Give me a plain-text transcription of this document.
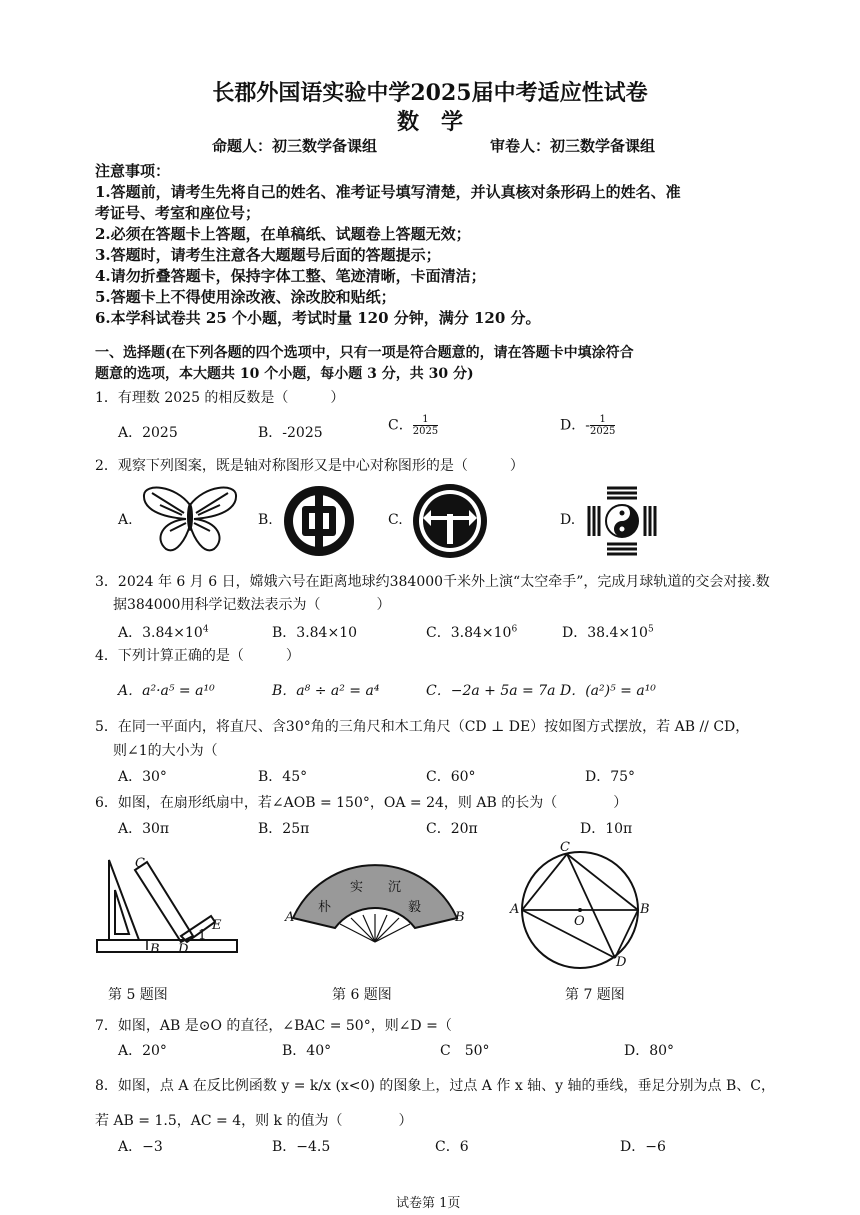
长郡外国语实验中学2025届中考适应性试卷
数　学
命题人：初三数学备课组	审卷人：初三数学备课组
注意事项：
1.答题前，请考生先将自己的姓名、准考证号填写清楚，并认真核对条形码上的姓名、准
考证号、考室和座位号；
2.必须在答题卡上答题，在单稿纸、试题卷上答题无效；
3.答题时，请考生注意各大题题号后面的答题提示；
4.请勿折叠答题卡，保持字体工整、笔迹清晰，卡面清洁；
5.答题卡上不得使用涂改液、涂改胶和贴纸；
6.本学科试卷共 25 个小题，考试时量 120 分钟，满分 120 分。
一、选择题(在下列各题的四个选项中，只有一项是符合题意的，请在答题卡中填涂符合
题意的选项，本大题共 10 个小题，每小题 3 分，共 30 分)
1．有理数 2025 的相反数是（　　　）
A．2025	B．-2025	C． $\frac{1}{2025}$	D．- $\frac{1}{2025}$
2．观察下列图案，既是轴对称图形又是中心对称图形的是（　　　）
A.	B.	C.	D.
3．2024 年 6 月 6 日，嫦娥六号在距离地球约384000千米外上演“太空牵手”，完成月球轨道的交会对接.数
据384000用科学记数法表示为（　　　　）
A．$3.84\times 10^4$	B．3.84×10	C．$3.84\times 10^6$	D．$38.4\times 10^5$
4．下列计算正确的是（　　　）
A．a²·a⁵ = a¹⁰	B．a⁸ ÷ a² = a⁴	C．−2a + 5a = 7a D．(a²)⁵ = a¹⁰
5．在同一平面内，将直尺、含30°角的三角尺和木工角尺（CD ⊥ DE）按如图方式摆放，若 AB // CD，
则∠1的大小为（
A．30°	B．45°	C．60°	D．75°
6．如图，在扇形纸扇中，若∠AOB = 150°，OA = 24，则 AB 的长为（　　　　）
A．30π	B．25π	C．20π	D．10π
C
E
B D
1
实 沉
朴	毅
A	B
C
A
O
B
D
第 5 题图	第 6 题图	第 7 题图
7．如图，AB 是⊙O 的直径，∠BAC = 50°，则∠D =（
A．20°	B．40°	C　50°	D．80°
8．如图，点 A 在反比例函数 y = k/x (x<0) 的图象上，过点 A 作 x 轴、y 轴的垂线，垂足分别为点 B、C，
若 AB = 1.5，AC = 4，则 k 的值为（　　　　）
A．−3	B．−4.5	C．6	D．−6
试卷第 1页
